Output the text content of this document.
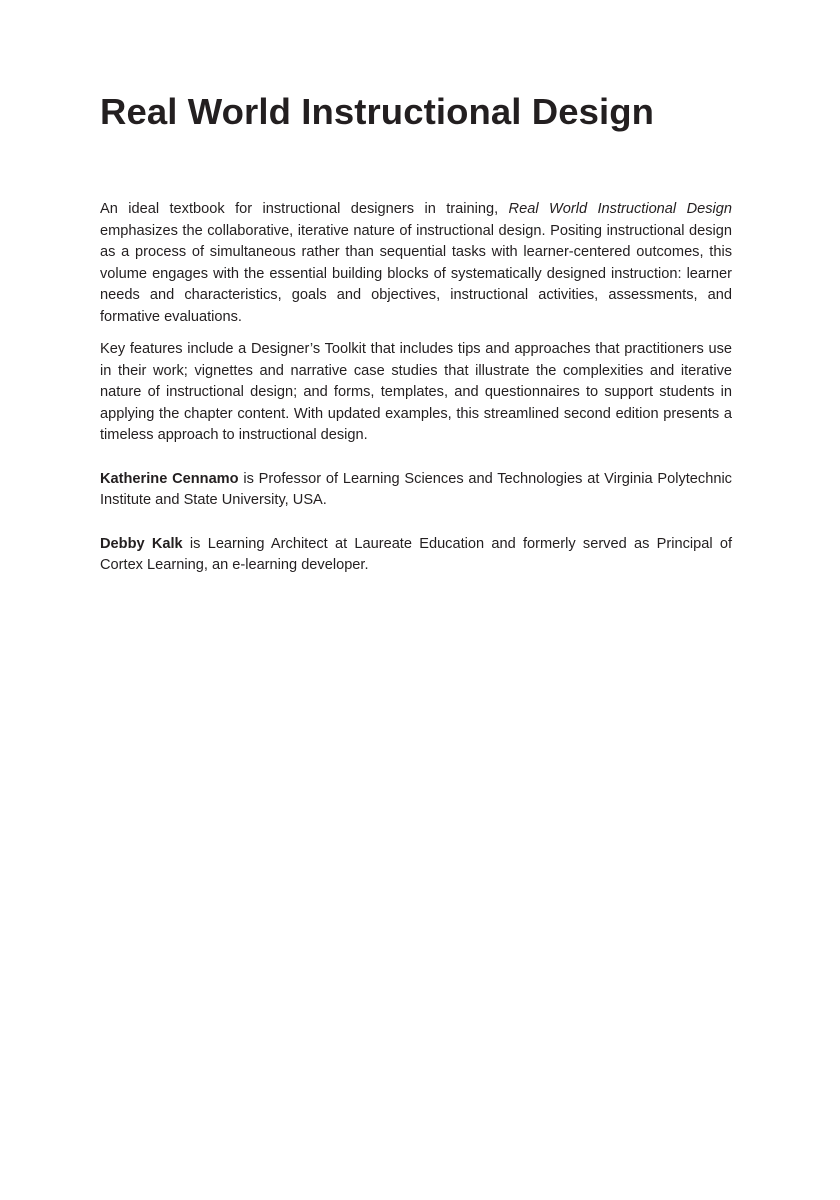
Real World Instructional Design

An ideal textbook for instructional designers in training, Real World Instructional Design emphasizes the collaborative, iterative nature of instructional design. Positing instructional design as a process of simultaneous rather than sequential tasks with learner-centered outcomes, this volume engages with the essential building blocks of systematically designed instruction: learner needs and characteristics, goals and objectives, instructional activities, assessments, and formative evaluations.

Key features include a Designer’s Toolkit that includes tips and approaches that practitioners use in their work; vignettes and narrative case studies that illustrate the complexities and iterative nature of instructional design; and forms, templates, and questionnaires to support students in applying the chapter content. With updated examples, this streamlined second edition presents a timeless approach to instructional design.

Katherine Cennamo is Professor of Learning Sciences and Technologies at Virginia Polytechnic Institute and State University, USA.

Debby Kalk is Learning Architect at Laureate Education and formerly served as Principal of Cortex Learning, an e-learning developer.
